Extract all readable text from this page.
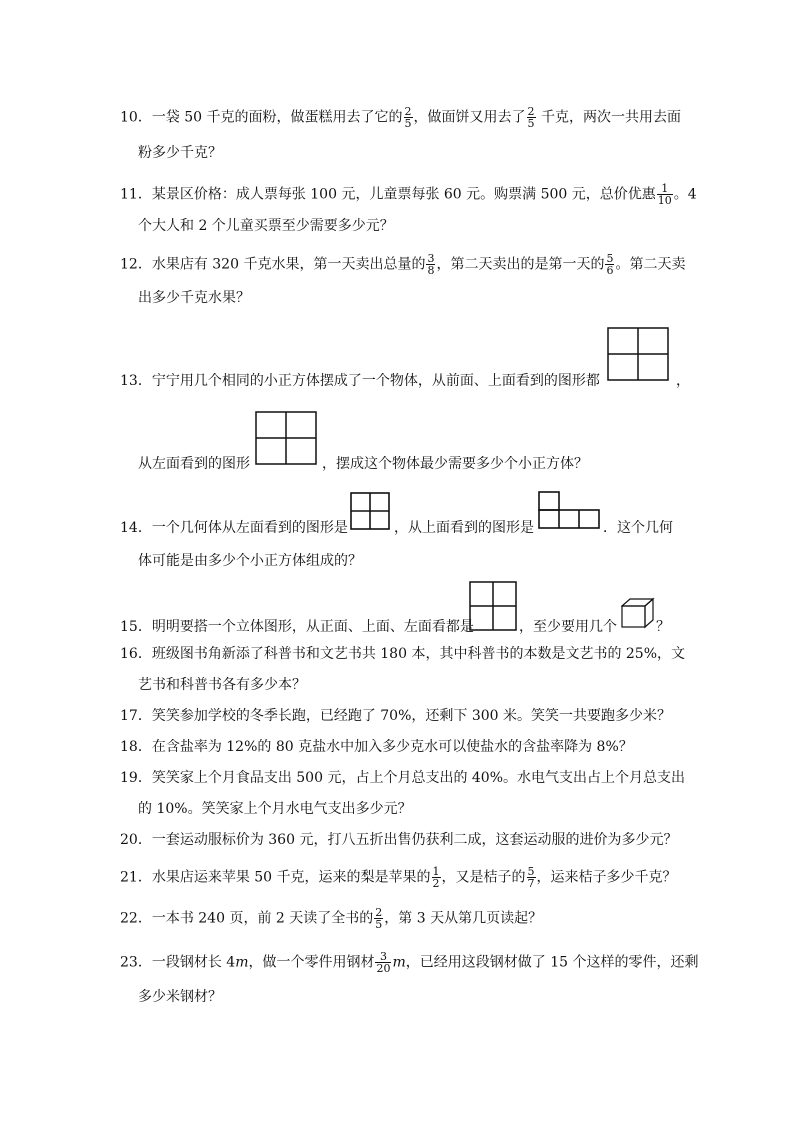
10．一袋 50 千克的面粉，做蛋糕用去了它的 $\frac{2}{5}$ ，做面饼又用去了 $\frac{2}{5}$ 千克，两次一共用去面
粉多少千克？
11．某景区价格：成人票每张 100 元，儿童票每张 60 元。购票满 500 元，总价优惠 $\frac{1}{10}$ 。4
个大人和 2 个儿童买票至少需要多少元？
12．水果店有 320 千克水果，第一天卖出总量的 $\frac{3}{8}$ ，第二天卖出的是第一天的 $\frac{5}{6}$ 。第二天卖
出多少千克水果？
13．宁宁用几个相同的小正方体摆成了一个物体，从前面、上面看到的图形都	，
从左面看到的图形	，摆成这个物体最少需要多少个小正方体？
14．一个几何体从左面看到的图形是	，从上面看到的图形是	．这个几何
体可能是由多少个小正方体组成的？
15．明明要搭一个立体图形，从正面、上面、左面看都是	，至少要用几个	？
16．班级图书角新添了科普书和文艺书共 180 本，其中科普书的本数是文艺书的 25%，文
艺书和科普书各有多少本？
17．笑笑参加学校的冬季长跑，已经跑了 70%，还剩下 300 米。笑笑一共要跑多少米？
18．在含盐率为 12%的 80 克盐水中加入多少克水可以使盐水的含盐率降为 8%？
19．笑笑家上个月食品支出 500 元，占上个月总支出的 40%。水电气支出占上个月总支出
的 10%。笑笑家上个月水电气支出多少元？
20．一套运动服标价为 360 元，打八五折出售仍获利二成，这套运动服的进价为多少元？
21．水果店运来苹果 50 千克，运来的梨是苹果的 $\frac{1}{2}$ ，又是桔子的 $\frac{5}{7}$ ，运来桔子多少千克？
22．一本书 240 页，前 2 天读了全书的 $\frac{2}{5}$ ，第 3 天从第几页读起？
23．一段钢材长 4m，做一个零件用钢材 $\frac{3}{20}$ m，已经用这段钢材做了 15 个这样的零件，还剩
多少米钢材？
